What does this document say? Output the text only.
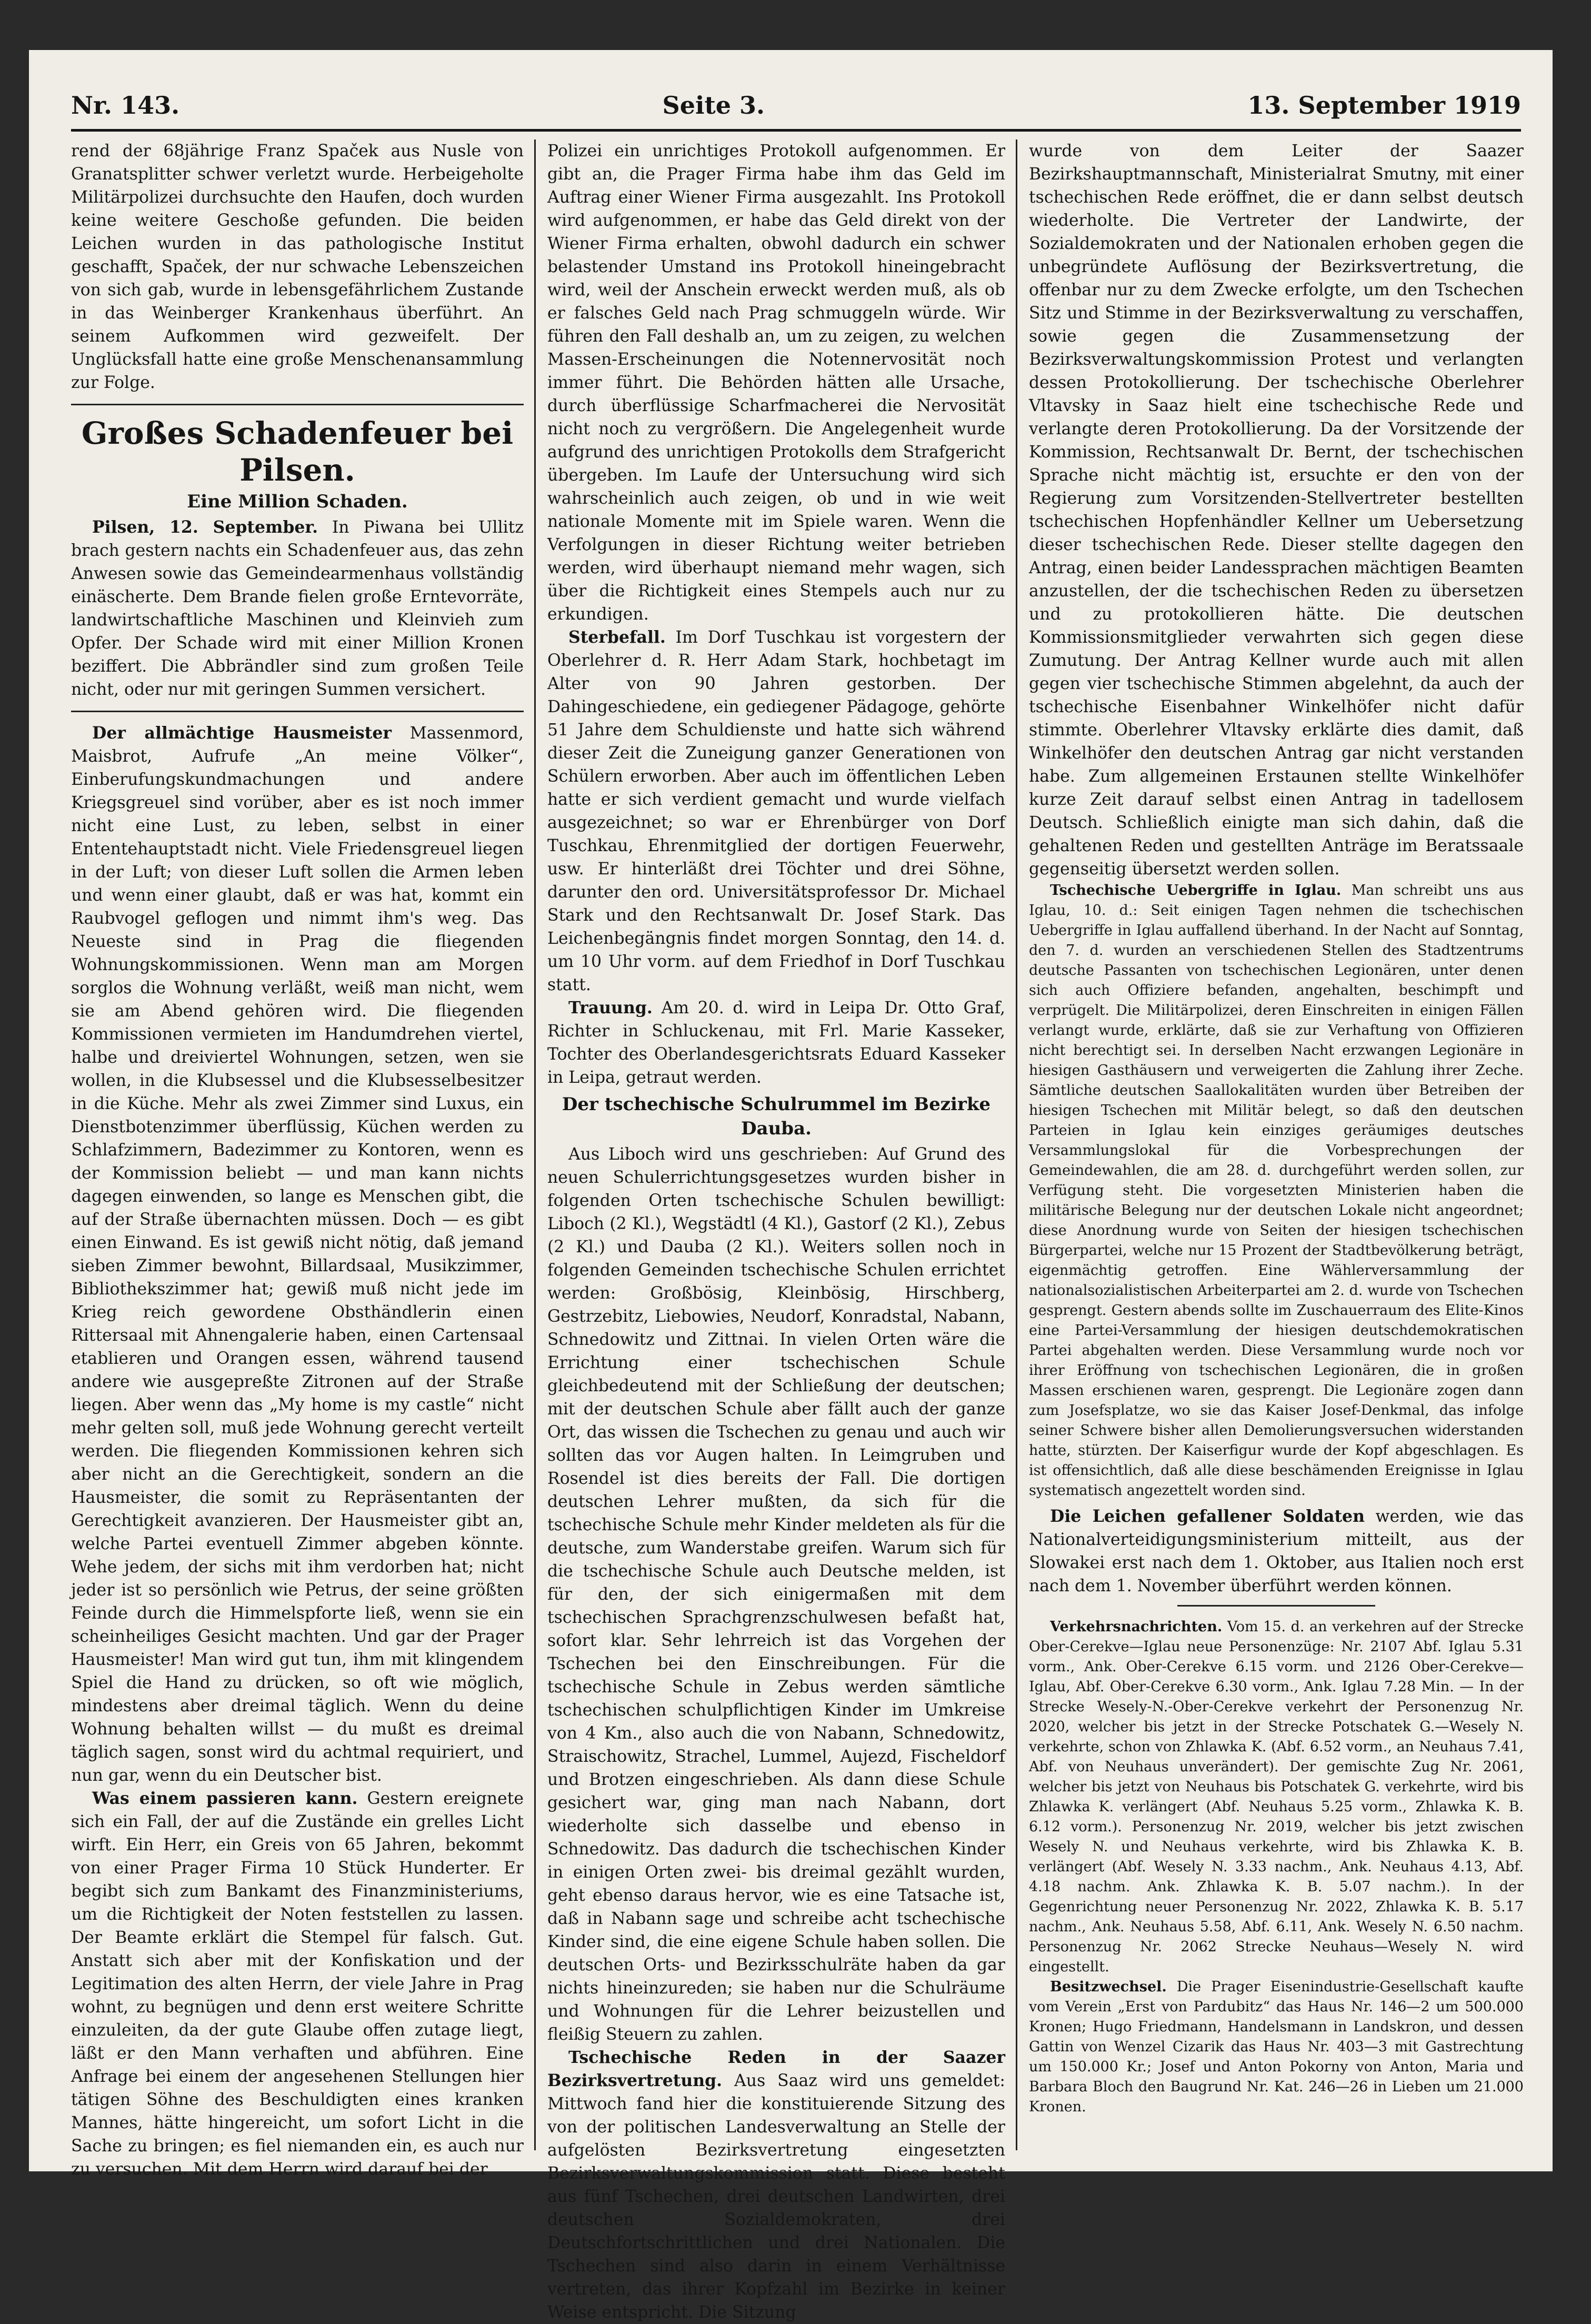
Nr. 143.	Seite 3.	13. September 1919

rend der 68jährige Franz Spaček aus Nusle von Granatsplitter schwer verletzt wurde. Herbeigeholte Militärpolizei durchsuchte den Haufen, doch wurden keine weitere Geschoße gefunden. Die beiden Leichen wurden in das pathologische Institut geschafft, Spaček, der nur schwache Lebenszeichen von sich gab, wurde in lebensgefährlichem Zustande in das Weinberger Krankenhaus überführt. An seinem Aufkommen wird gezweifelt. Der Unglücksfall hatte eine große Menschenansammlung zur Folge.

Großes Schadenfeuer bei Pilsen.
Eine Million Schaden.

Pilsen, 12. September. In Piwana bei Ullitz brach gestern nachts ein Schadenfeuer aus, das zehn Anwesen sowie das Gemeindearmenhaus vollständig einäscherte. Dem Brande fielen große Erntevorräte, landwirtschaftliche Maschinen und Kleinvieh zum Opfer. Der Schade wird mit einer Million Kronen beziffert. Die Abbrändler sind zum großen Teile nicht, oder nur mit geringen Summen versichert.

Der allmächtige Hausmeister Massenmord, Maisbrot, Aufrufe „An meine Völker“, Einberufungskundmachungen und andere Kriegsgreuel sind vorüber, aber es ist noch immer nicht eine Lust, zu leben, selbst in einer Ententehauptstadt nicht. Viele Friedensgreuel liegen in der Luft; von dieser Luft sollen die Armen leben und wenn einer glaubt, daß er was hat, kommt ein Raubvogel geflogen und nimmt ihm's weg. Das Neueste sind in Prag die fliegenden Wohnungskommissionen. Wenn man am Morgen sorglos die Wohnung verläßt, weiß man nicht, wem sie am Abend gehören wird. Die fliegenden Kommissionen vermieten im Handumdrehen viertel, halbe und dreiviertel Wohnungen, setzen, wen sie wollen, in die Klubsessel und die Klubsesselbesitzer in die Küche. Mehr als zwei Zimmer sind Luxus, ein Dienstbotenzimmer überflüssig, Küchen werden zu Schlafzimmern, Badezimmer zu Kontoren, wenn es der Kommission beliebt — und man kann nichts dagegen einwenden, so lange es Menschen gibt, die auf der Straße übernachten müssen. Doch — es gibt einen Einwand. Es ist gewiß nicht nötig, daß jemand sieben Zimmer bewohnt, Billardsaal, Musikzimmer, Bibliothekszimmer hat; gewiß muß nicht jede im Krieg reich gewordene Obsthändlerin einen Rittersaal mit Ahnengalerie haben, einen Cartensaal etablieren und Orangen essen, während tausend andere wie ausgepreßte Zitronen auf der Straße liegen. Aber wenn das „My home is my castle“ nicht mehr gelten soll, muß jede Wohnung gerecht verteilt werden. Die fliegenden Kommissionen kehren sich aber nicht an die Gerechtigkeit, sondern an die Hausmeister, die somit zu Repräsentanten der Gerechtigkeit avanzieren. Der Hausmeister gibt an, welche Partei eventuell Zimmer abgeben könnte. Wehe jedem, der sichs mit ihm verdorben hat; nicht jeder ist so persönlich wie Petrus, der seine größten Feinde durch die Himmelspforte ließ, wenn sie ein scheinheiliges Gesicht machten. Und gar der Prager Hausmeister! Man wird gut tun, ihm mit klingendem Spiel die Hand zu drücken, so oft wie möglich, mindestens aber dreimal täglich. Wenn du deine Wohnung behalten willst — du mußt es dreimal täglich sagen, sonst wird du achtmal requiriert, und nun gar, wenn du ein Deutscher bist.

Was einem passieren kann. Gestern ereignete sich ein Fall, der auf die Zustände ein grelles Licht wirft. Ein Herr, ein Greis von 65 Jahren, bekommt von einer Prager Firma 10 Stück Hunderter. Er begibt sich zum Bankamt des Finanzministeriums, um die Richtigkeit der Noten feststellen zu lassen. Der Beamte erklärt die Stempel für falsch. Gut. Anstatt sich aber mit der Konfiskation und der Legitimation des alten Herrn, der viele Jahre in Prag wohnt, zu begnügen und denn erst weitere Schritte einzuleiten, da der gute Glaube offen zutage liegt, läßt er den Mann verhaften und abführen. Eine Anfrage bei einem der angesehenen Stellungen hier tätigen Söhne des Beschuldigten eines kranken Mannes, hätte hingereicht, um sofort Licht in die Sache zu bringen; es fiel niemanden ein, es auch nur zu versuchen. Mit dem Herrn wird darauf bei der

Polizei ein unrichtiges Protokoll aufgenommen. Er gibt an, die Prager Firma habe ihm das Geld im Auftrag einer Wiener Firma ausgezahlt. Ins Protokoll wird aufgenommen, er habe das Geld direkt von der Wiener Firma erhalten, obwohl dadurch ein schwer belastender Umstand ins Protokoll hineingebracht wird, weil der Anschein erweckt werden muß, als ob er falsches Geld nach Prag schmuggeln würde. Wir führen den Fall deshalb an, um zu zeigen, zu welchen Massen-Erscheinungen die Notennervosität noch immer führt. Die Behörden hätten alle Ursache, durch überflüssige Scharfmacherei die Nervosität nicht noch zu vergrößern. Die Angelegenheit wurde aufgrund des unrichtigen Protokolls dem Strafgericht übergeben. Im Laufe der Untersuchung wird sich wahrscheinlich auch zeigen, ob und in wie weit nationale Momente mit im Spiele waren. Wenn die Verfolgungen in dieser Richtung weiter betrieben werden, wird überhaupt niemand mehr wagen, sich über die Richtigkeit eines Stempels auch nur zu erkundigen.

Sterbefall. Im Dorf Tuschkau ist vorgestern der Oberlehrer d. R. Herr Adam Stark, hochbetagt im Alter von 90 Jahren gestorben. Der Dahingeschiedene, ein gediegener Pädagoge, gehörte 51 Jahre dem Schuldienste und hatte sich während dieser Zeit die Zuneigung ganzer Generationen von Schülern erworben. Aber auch im öffentlichen Leben hatte er sich verdient gemacht und wurde vielfach ausgezeichnet; so war er Ehrenbürger von Dorf Tuschkau, Ehrenmitglied der dortigen Feuerwehr, usw. Er hinterläßt drei Töchter und drei Söhne, darunter den ord. Universitätsprofessor Dr. Michael Stark und den Rechtsanwalt Dr. Josef Stark. Das Leichenbegängnis findet morgen Sonntag, den 14. d. um 10 Uhr vorm. auf dem Friedhof in Dorf Tuschkau statt.

Trauung. Am 20. d. wird in Leipa Dr. Otto Graf, Richter in Schluckenau, mit Frl. Marie Kasseker, Tochter des Oberlandesgerichtsrats Eduard Kasseker in Leipa, getraut werden.

Der tschechische Schulrummel im Bezirke Dauba.

Aus Liboch wird uns geschrieben: Auf Grund des neuen Schulerrichtungsgesetzes wurden bisher in folgenden Orten tschechische Schulen bewilligt: Liboch (2 Kl.), Wegstädtl (4 Kl.), Gastorf (2 Kl.), Zebus (2 Kl.) und Dauba (2 Kl.). Weiters sollen noch in folgenden Gemeinden tschechische Schulen errichtet werden: Großbösig, Kleinbösig, Hirschberg, Gestrzebitz, Liebowies, Neudorf, Konradstal, Nabann, Schnedowitz und Zittnai. In vielen Orten wäre die Errichtung einer tschechischen Schule gleichbedeutend mit der Schließung der deutschen; mit der deutschen Schule aber fällt auch der ganze Ort, das wissen die Tschechen zu genau und auch wir sollten das vor Augen halten. In Leimgruben und Rosendel ist dies bereits der Fall. Die dortigen deutschen Lehrer mußten, da sich für die tschechische Schule mehr Kinder meldeten als für die deutsche, zum Wanderstabe greifen. Warum sich für die tschechische Schule auch Deutsche melden, ist für den, der sich einigermaßen mit dem tschechischen Sprachgrenzschulwesen befaßt hat, sofort klar. Sehr lehrreich ist das Vorgehen der Tschechen bei den Einschreibungen. Für die tschechische Schule in Zebus werden sämtliche tschechischen schulpflichtigen Kinder im Umkreise von 4 Km., also auch die von Nabann, Schnedowitz, Straischowitz, Strachel, Lummel, Aujezd, Fischeldorf und Brotzen eingeschrieben. Als dann diese Schule gesichert war, ging man nach Nabann, dort wiederholte sich dasselbe und ebenso in Schnedowitz. Das dadurch die tschechischen Kinder in einigen Orten zwei- bis dreimal gezählt wurden, geht ebenso daraus hervor, wie es eine Tatsache ist, daß in Nabann sage und schreibe acht tschechische Kinder sind, die eine eigene Schule haben sollen. Die deutschen Orts- und Bezirksschulräte haben da gar nichts hineinzureden; sie haben nur die Schulräume und Wohnungen für die Lehrer beizustellen und fleißig Steuern zu zahlen.

Tschechische Reden in der Saazer Bezirksvertretung. Aus Saaz wird uns gemeldet: Mittwoch fand hier die konstituierende Sitzung des von der politischen Landesverwaltung an Stelle der aufgelösten Bezirksvertretung eingesetzten Bezirksverwaltungskommission statt. Diese besteht aus fünf Tschechen, drei deutschen Landwirten, drei deutschen Sozialdemokraten, drei Deutschfortschrittlichen und drei Nationalen. Die Tschechen sind also darin in einem Verhältnisse vertreten, das ihrer Kopfzahl im Bezirke in keiner Weise entspricht. Die Sitzung

wurde von dem Leiter der Saazer Bezirkshauptmannschaft, Ministerialrat Smutny, mit einer tschechischen Rede eröffnet, die er dann selbst deutsch wiederholte. Die Vertreter der Landwirte, der Sozialdemokraten und der Nationalen erhoben gegen die unbegründete Auflösung der Bezirksvertretung, die offenbar nur zu dem Zwecke erfolgte, um den Tschechen Sitz und Stimme in der Bezirksverwaltung zu verschaffen, sowie gegen die Zusammensetzung der Bezirksverwaltungskommission Protest und verlangten dessen Protokollierung. Der tschechische Oberlehrer Vltavsky in Saaz hielt eine tschechische Rede und verlangte deren Protokollierung. Da der Vorsitzende der Kommission, Rechtsanwalt Dr. Bernt, der tschechischen Sprache nicht mächtig ist, ersuchte er den von der Regierung zum Vorsitzenden-Stellvertreter bestellten tschechischen Hopfenhändler Kellner um Uebersetzung dieser tschechischen Rede. Dieser stellte dagegen den Antrag, einen beider Landessprachen mächtigen Beamten anzustellen, der die tschechischen Reden zu übersetzen und zu protokollieren hätte. Die deutschen Kommissionsmitglieder verwahrten sich gegen diese Zumutung. Der Antrag Kellner wurde auch mit allen gegen vier tschechische Stimmen abgelehnt, da auch der tschechische Eisenbahner Winkelhöfer nicht dafür stimmte. Oberlehrer Vltavsky erklärte dies damit, daß Winkelhöfer den deutschen Antrag gar nicht verstanden habe. Zum allgemeinen Erstaunen stellte Winkelhöfer kurze Zeit darauf selbst einen Antrag in tadellosem Deutsch. Schließlich einigte man sich dahin, daß die gehaltenen Reden und gestellten Anträge im Beratssaale gegenseitig übersetzt werden sollen.

Tschechische Uebergriffe in Iglau. Man schreibt uns aus Iglau, 10. d.: Seit einigen Tagen nehmen die tschechischen Uebergriffe in Iglau auffallend überhand. In der Nacht auf Sonntag, den 7. d. wurden an verschiedenen Stellen des Stadtzentrums deutsche Passanten von tschechischen Legionären, unter denen sich auch Offiziere befanden, angehalten, beschimpft und verprügelt. Die Militärpolizei, deren Einschreiten in einigen Fällen verlangt wurde, erklärte, daß sie zur Verhaftung von Offizieren nicht berechtigt sei. In derselben Nacht erzwangen Legionäre in hiesigen Gasthäusern und verweigerten die Zahlung ihrer Zeche. Sämtliche deutschen Saallokalitäten wurden über Betreiben der hiesigen Tschechen mit Militär belegt, so daß den deutschen Parteien in Iglau kein einziges geräumiges deutsches Versammlungslokal für die Vorbesprechungen der Gemeindewahlen, die am 28. d. durchgeführt werden sollen, zur Verfügung steht. Die vorgesetzten Ministerien haben die militärische Belegung nur der deutschen Lokale nicht angeordnet; diese Anordnung wurde von Seiten der hiesigen tschechischen Bürgerpartei, welche nur 15 Prozent der Stadtbevölkerung beträgt, eigenmächtig getroffen. Eine Wählerversammlung der nationalsozialistischen Arbeiterpartei am 2. d. wurde von Tschechen gesprengt. Gestern abends sollte im Zuschauerraum des Elite-Kinos eine Partei-Versammlung der hiesigen deutschdemokratischen Partei abgehalten werden. Diese Versammlung wurde noch vor ihrer Eröffnung von tschechischen Legionären, die in großen Massen erschienen waren, gesprengt. Die Legionäre zogen dann zum Josefsplatze, wo sie das Kaiser Josef-Denkmal, das infolge seiner Schwere bisher allen Demolierungsversuchen widerstanden hatte, stürzten. Der Kaiserfigur wurde der Kopf abgeschlagen. Es ist offensichtlich, daß alle diese beschämenden Ereignisse in Iglau systematisch angezettelt worden sind.

Die Leichen gefallener Soldaten werden, wie das Nationalverteidigungsministerium mitteilt, aus der Slowakei erst nach dem 1. Oktober, aus Italien noch erst nach dem 1. November überführt werden können.

Verkehrsnachrichten. Vom 15. d. an verkehren auf der Strecke Ober-Cerekve—Iglau neue Personenzüge: Nr. 2107 Abf. Iglau 5.31 vorm., Ank. Ober-Cerekve 6.15 vorm. und 2126 Ober-Cerekve—Iglau, Abf. Ober-Cerekve 6.30 vorm., Ank. Iglau 7.28 Min. — In der Strecke Wesely-N.-Ober-Cerekve verkehrt der Personenzug Nr. 2020, welcher bis jetzt in der Strecke Potschatek G.—Wesely N. verkehrte, schon von Zhlawka K. (Abf. 6.52 vorm., an Neuhaus 7.41, Abf. von Neuhaus unverändert). Der gemischte Zug Nr. 2061, welcher bis jetzt von Neuhaus bis Potschatek G. verkehrte, wird bis Zhlawka K. verlängert (Abf. Neuhaus 5.25 vorm., Zhlawka K. B. 6.12 vorm.). Personenzug Nr. 2019, welcher bis jetzt zwischen Wesely N. und Neuhaus verkehrte, wird bis Zhlawka K. B. verlängert (Abf. Wesely N. 3.33 nachm., Ank. Neuhaus 4.13, Abf. 4.18 nachm. Ank. Zhlawka K. B. 5.07 nachm.). In der Gegenrichtung neuer Personenzug Nr. 2022, Zhlawka K. B. 5.17 nachm., Ank. Neuhaus 5.58, Abf. 6.11, Ank. Wesely N. 6.50 nachm. Personenzug Nr. 2062 Strecke Neuhaus—Wesely N. wird eingestellt.

Besitzwechsel. Die Prager Eisenindustrie-Gesellschaft kaufte vom Verein „Erst von Pardubitz“ das Haus Nr. 146—2 um 500.000 Kronen; Hugo Friedmann, Handelsmann in Landskron, und dessen Gattin von Wenzel Cizarik das Haus Nr. 403—3 mit Gastrechtung um 150.000 Kr.; Josef und Anton Pokorny von Anton, Maria und Barbara Bloch den Baugrund Nr. Kat. 246—26 in Lieben um 21.000 Kronen.
